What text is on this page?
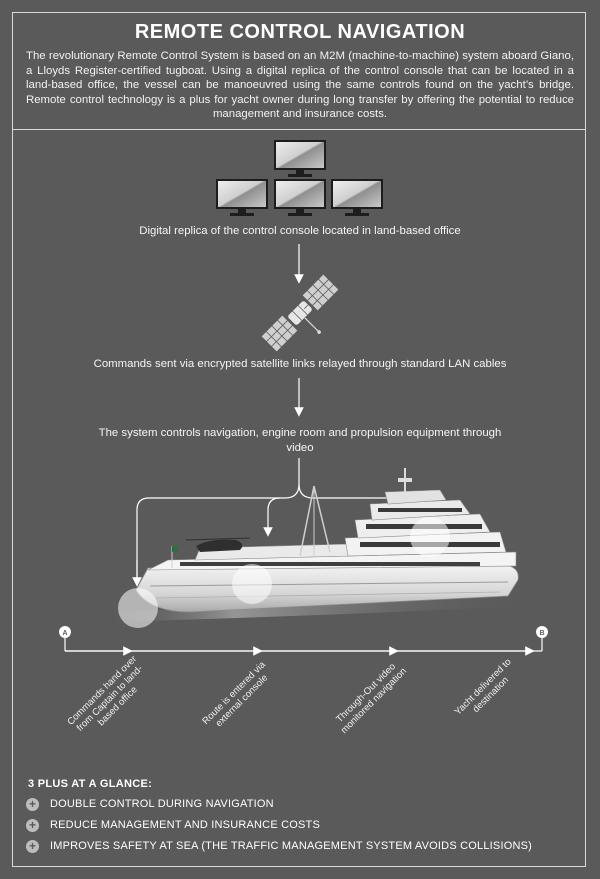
REMOTE CONTROL NAVIGATION
The revolutionary Remote Control System is based on an M2M (machine-to-machine) system aboard Giano, a Lloyds Register-certified tugboat. Using a digital replica of the control console that can be located in a land-based office, the vessel can be manoeuvred using the same controls found on the yacht’s bridge. Remote control technology is a plus for yacht owner during long transfer by offering the potential to reduce management and insurance costs.
Digital replica of the control console located in land-based office
Commands sent via encrypted satellite links relayed through standard LAN cables
The system controls navigation, engine room and propulsion equipment through video
A	B
Commands hand over from Captain to land-based office	Route is entered via external console	Through-Out video monitored navigation	Yacht delivered to destination
3 PLUS AT A GLANCE:
+ DOUBLE CONTROL DURING NAVIGATION
+ REDUCE MANAGEMENT AND INSURANCE COSTS
+ IMPROVES SAFETY AT SEA (THE TRAFFIC MANAGEMENT SYSTEM AVOIDS COLLISIONS)
